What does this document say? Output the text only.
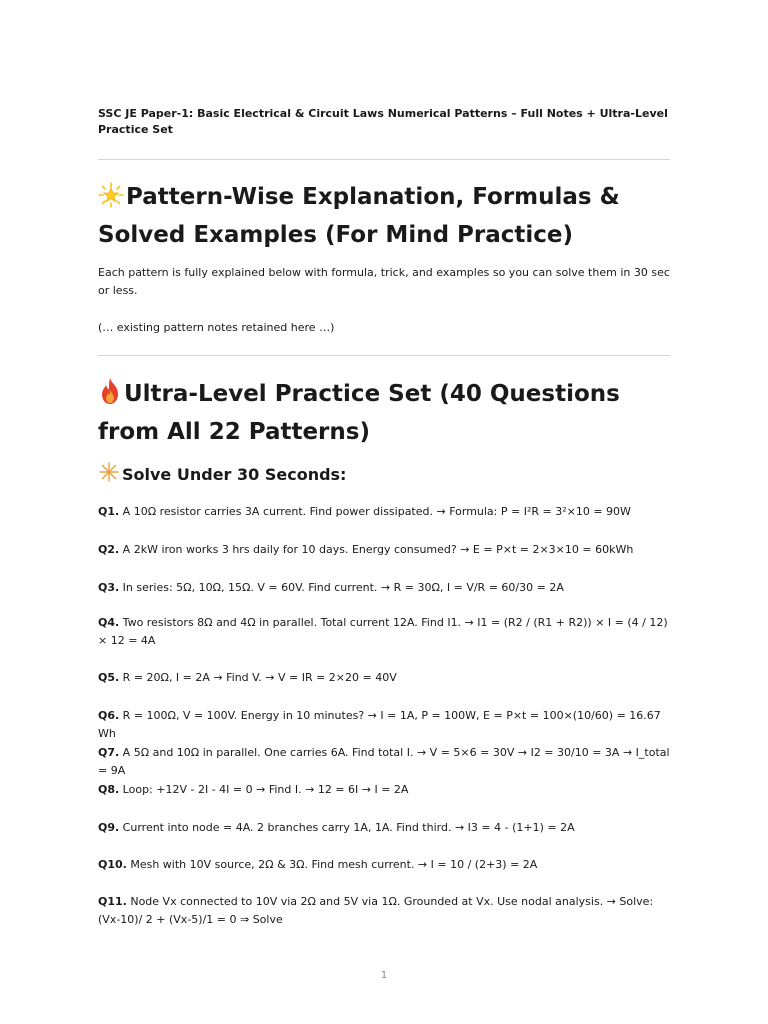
SSC JE Paper-1: Basic Electrical & Circuit Laws Numerical Patterns – Full Notes + Ultra-Level Practice Set

Pattern-Wise Explanation, Formulas & Solved Examples (For Mind Practice)

Each pattern is fully explained below with formula, trick, and examples so you can solve them in 30 sec or less.

(… existing pattern notes retained here …)

Ultra-Level Practice Set (40 Questions from All 22 Patterns)
Solve Under 30 Seconds:

Q1. A 10Ω resistor carries 3A current. Find power dissipated. → Formula: P = I²R = 3²×10 = 90W

Q2. A 2kW iron works 3 hrs daily for 10 days. Energy consumed? → E = P×t = 2×3×10 = 60kWh

Q3. In series: 5Ω, 10Ω, 15Ω. V = 60V. Find current. → R = 30Ω, I = V/R = 60/30 = 2A

Q4. Two resistors 8Ω and 4Ω in parallel. Total current 12A. Find I1. → I1 = (R2 / (R1 + R2)) × I = (4 / 12) × 12 = 4A

Q5. R = 20Ω, I = 2A → Find V. → V = IR = 2×20 = 40V

Q6. R = 100Ω, V = 100V. Energy in 10 minutes? → I = 1A, P = 100W, E = P×t = 100×(10/60) = 16.67 Wh

Q7. A 5Ω and 10Ω in parallel. One carries 6A. Find total I. → V = 5×6 = 30V → I2 = 30/10 = 3A → I_total = 9A

Q8. Loop: +12V - 2I - 4I = 0 → Find I. → 12 = 6I → I = 2A

Q9. Current into node = 4A. 2 branches carry 1A, 1A. Find third. → I3 = 4 - (1+1) = 2A

Q10. Mesh with 10V source, 2Ω & 3Ω. Find mesh current. → I = 10 / (2+3) = 2A

Q11. Node Vx connected to 10V via 2Ω and 5V via 1Ω. Grounded at Vx. Use nodal analysis. → Solve: (Vx-10)/ 2 + (Vx-5)/1 = 0 ⇒ Solve

1
